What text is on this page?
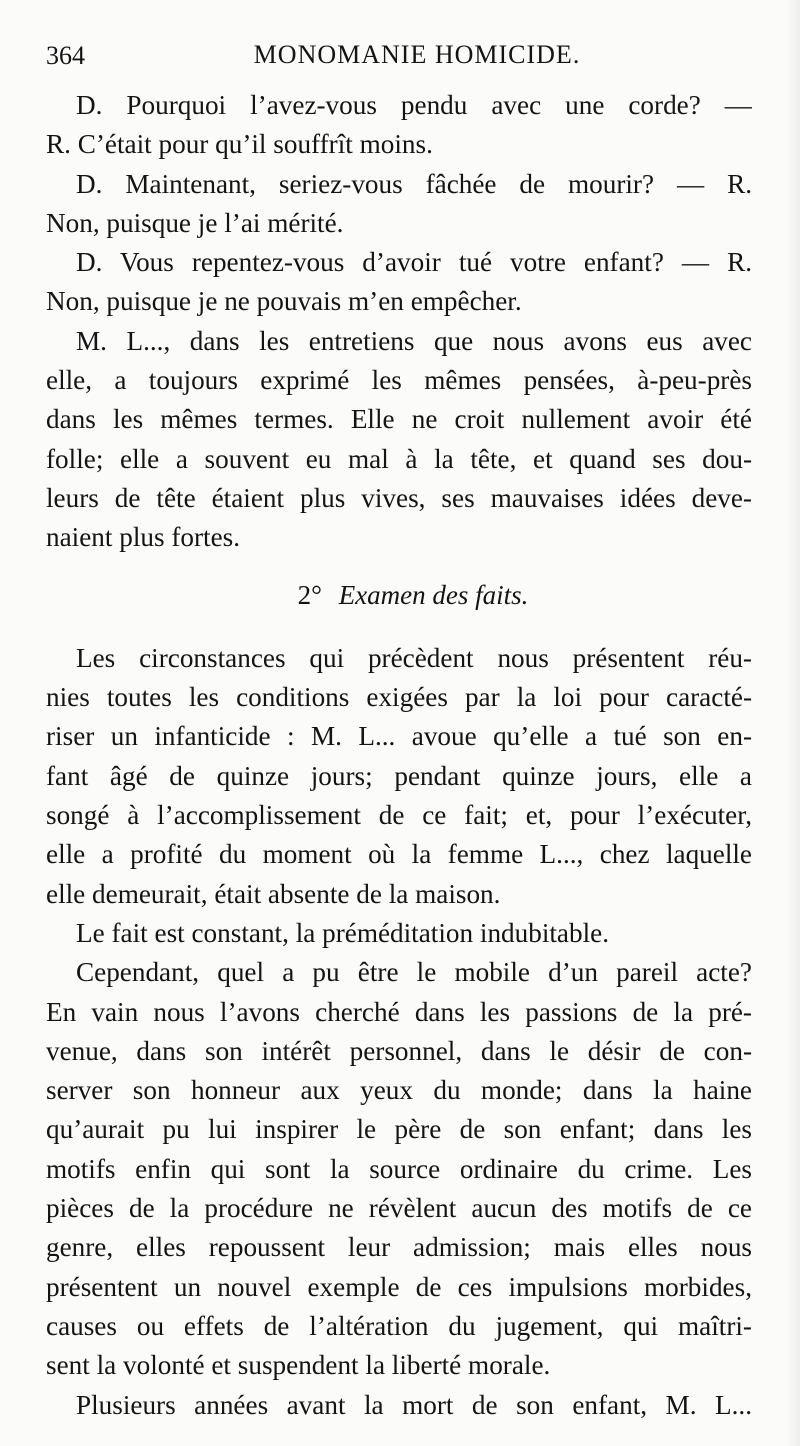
364	MONOMANIE HOMICIDE.
D. Pourquoi l’avez-vous pendu avec une corde? —
R. C’était pour qu’il souffrît moins.
D. Maintenant, seriez-vous fâchée de mourir? — R.
Non, puisque je l’ai mérité.
D. Vous repentez-vous d’avoir tué votre enfant? — R.
Non, puisque je ne pouvais m’en empêcher.
M. L..., dans les entretiens que nous avons eus avec
elle, a toujours exprimé les mêmes pensées, à-peu-près
dans les mêmes termes. Elle ne croit nullement avoir été
folle; elle a souvent eu mal à la tête, et quand ses dou-
leurs de tête étaient plus vives, ses mauvaises idées deve-
naient plus fortes.
2° Examen des faits.
Les circonstances qui précèdent nous présentent réu-
nies toutes les conditions exigées par la loi pour caracté-
riser un infanticide : M. L... avoue qu’elle a tué son en-
fant âgé de quinze jours; pendant quinze jours, elle a
songé à l’accomplissement de ce fait; et, pour l’exécuter,
elle a profité du moment où la femme L..., chez laquelle
elle demeurait, était absente de la maison.
Le fait est constant, la préméditation indubitable.
Cependant, quel a pu être le mobile d’un pareil acte?
En vain nous l’avons cherché dans les passions de la pré-
venue, dans son intérêt personnel, dans le désir de con-
server son honneur aux yeux du monde; dans la haine
qu’aurait pu lui inspirer le père de son enfant; dans les
motifs enfin qui sont la source ordinaire du crime. Les
pièces de la procédure ne révèlent aucun des motifs de ce
genre, elles repoussent leur admission; mais elles nous
présentent un nouvel exemple de ces impulsions morbides,
causes ou effets de l’altération du jugement, qui maîtri-
sent la volonté et suspendent la liberté morale.
Plusieurs années avant la mort de son enfant, M. L...
